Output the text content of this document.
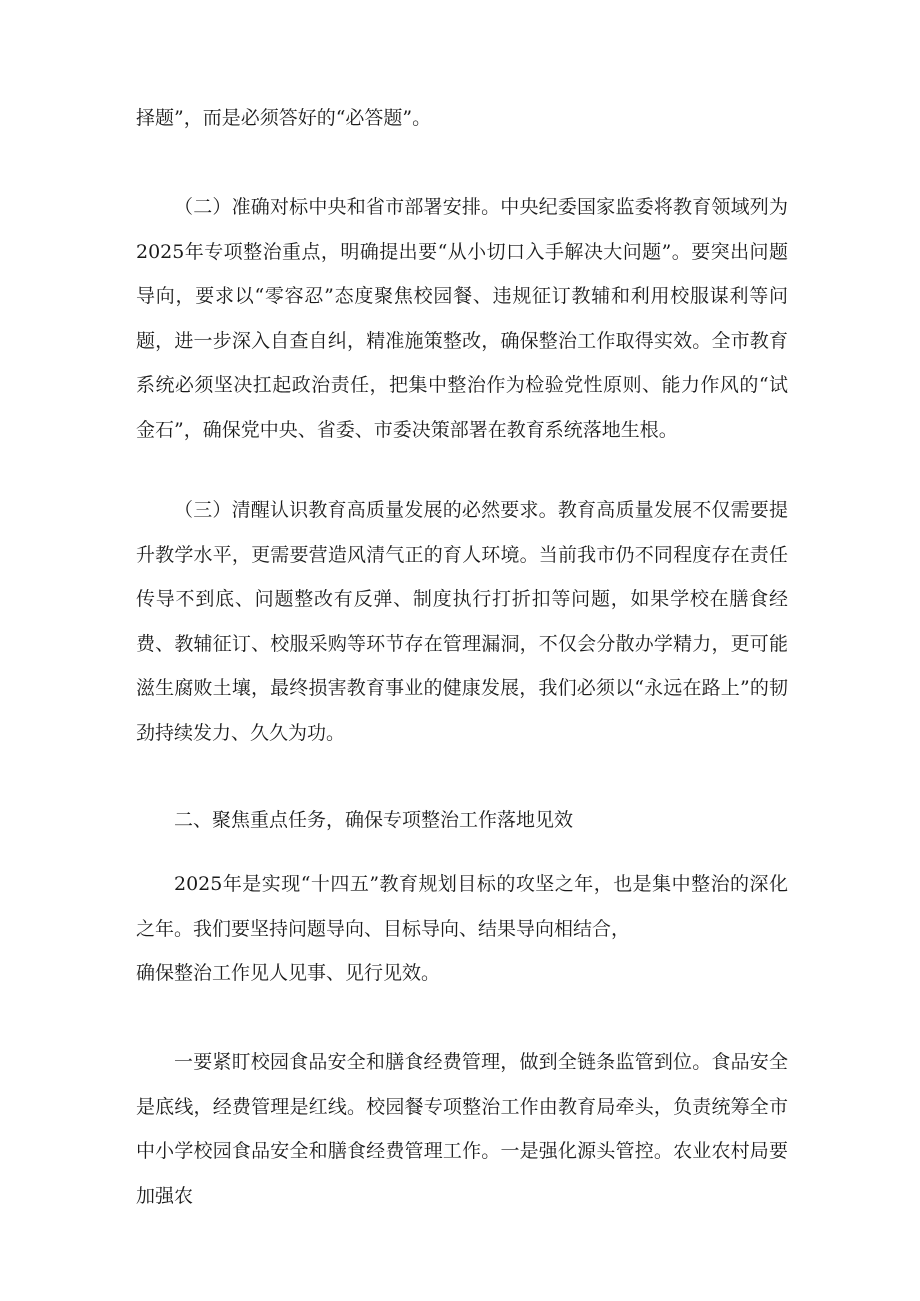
择题”，而是必须答好的“必答题”。

（二）准确对标中央和省市部署安排。中央纪委国家监委将教育领域列为2025年专项整治重点，明确提出要“从小切口入手解决大问题”。要突出问题导向，要求以“零容忍”态度聚焦校园餐、违规征订教辅和利用校服谋利等问题，进一步深入自查自纠，精准施策整改，确保整治工作取得实效。全市教育系统必须坚决扛起政治责任，把集中整治作为检验党性原则、能力作风的“试金石”，确保党中央、省委、市委决策部署在教育系统落地生根。

（三）清醒认识教育高质量发展的必然要求。教育高质量发展不仅需要提升教学水平，更需要营造风清气正的育人环境。当前我市仍不同程度存在责任传导不到底、问题整改有反弹、制度执行打折扣等问题，如果学校在膳食经费、教辅征订、校服采购等环节存在管理漏洞，不仅会分散办学精力，更可能滋生腐败土壤，最终损害教育事业的健康发展，我们必须以“永远在路上”的韧劲持续发力、久久为功。

二、聚焦重点任务，确保专项整治工作落地见效

2025年是实现“十四五”教育规划目标的攻坚之年，也是集中整治的深化之年。我们要坚持问题导向、目标导向、结果导向相结合，

确保整治工作见人见事、见行见效。

一要紧盯校园食品安全和膳食经费管理，做到全链条监管到位。食品安全是底线，经费管理是红线。校园餐专项整治工作由教育局牵头，负责统筹全市中小学校园食品安全和膳食经费管理工作。一是强化源头管控。农业农村局要加强农
